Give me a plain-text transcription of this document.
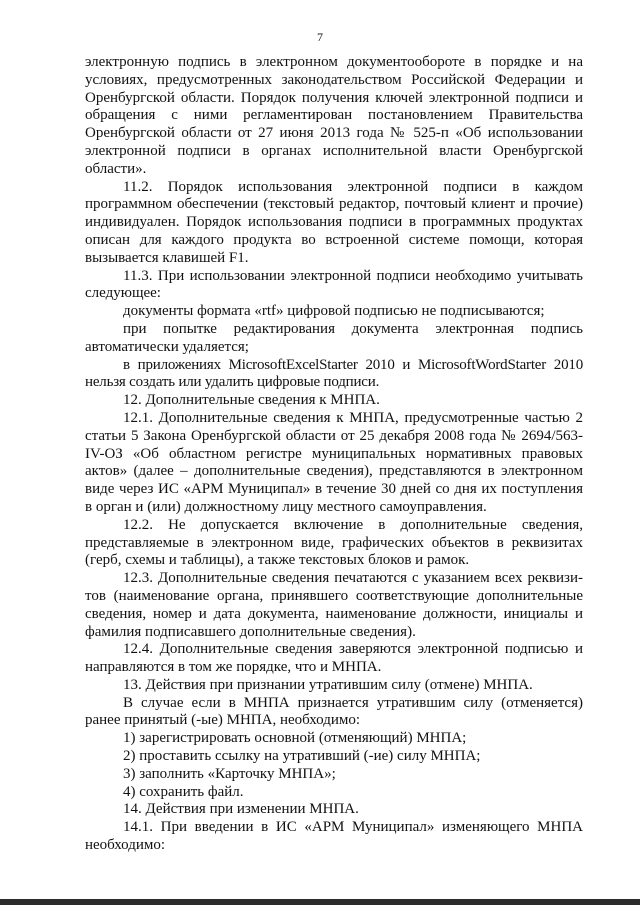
7

электронную подпись в электронном документообороте в порядке и на условиях, предусмотренных законодательством Российской Федерации и Оренбургской области. Порядок получения ключей электронной подписи и обращения с ними регламентирован постановлением Правительства Оренбургской области от 27 июня 2013 года № 525-п «Об использовании электронной подписи в органах исполнительной власти Оренбургской области».

11.2. Порядок использования электронной подписи в каждом программном обеспечении (текстовый редактор, почтовый клиент и прочие) индивидуален. Порядок использования подписи в программных продуктах описан для каждого продукта во встроенной системе помощи, которая вызывается клавишей F1.

11.3. При использовании электронной подписи необходимо учитывать следующее:

документы формата «rtf» цифровой подписью не подписываются;

при попытке редактирования документа электронная подпись автоматически удаляется;

в приложениях MicrosoftExcelStarter 2010 и MicrosoftWordStarter 2010 нельзя создать или удалить цифровые подписи.

12. Дополнительные сведения к МНПА.

12.1. Дополнительные сведения к МНПА, предусмотренные частью 2 статьи 5 Закона Оренбургской области от 25 декабря 2008 года № 2694/563-IV-ОЗ «Об областном регистре муниципальных нормативных правовых актов» (далее – дополнительные сведения), представляются в электронном виде через ИС «АРМ Муниципал» в течение 30 дней со дня их поступления в орган и (или) должностному лицу местного самоуправления.

12.2. Не допускается включение в дополнительные сведения, представляемые в электронном виде, графических объектов в реквизитах (герб, схемы и таблицы), а также текстовых блоков и рамок.

12.3. Дополнительные сведения печатаются с указанием всех реквизи-тов (наименование органа, принявшего соответствующие дополнительные сведения, номер и дата документа, наименование должности, инициалы и фамилия подписавшего дополнительные сведения).

12.4. Дополнительные сведения заверяются электронной подписью и направляются в том же порядке, что и МНПА.

13. Действия при признании утратившим силу (отмене) МНПА.

В случае если в МНПА признается утратившим силу (отменяется) ранее принятый (-ые) МНПА, необходимо:

1) зарегистрировать основной (отменяющий) МНПА;

2) проставить ссылку на утративший (-ие) силу МНПА;

3) заполнить «Карточку МНПА»;

4) сохранить файл.

14. Действия при изменении МНПА.

14.1. При введении в ИС «АРМ Муниципал» изменяющего МНПА необходимо:
